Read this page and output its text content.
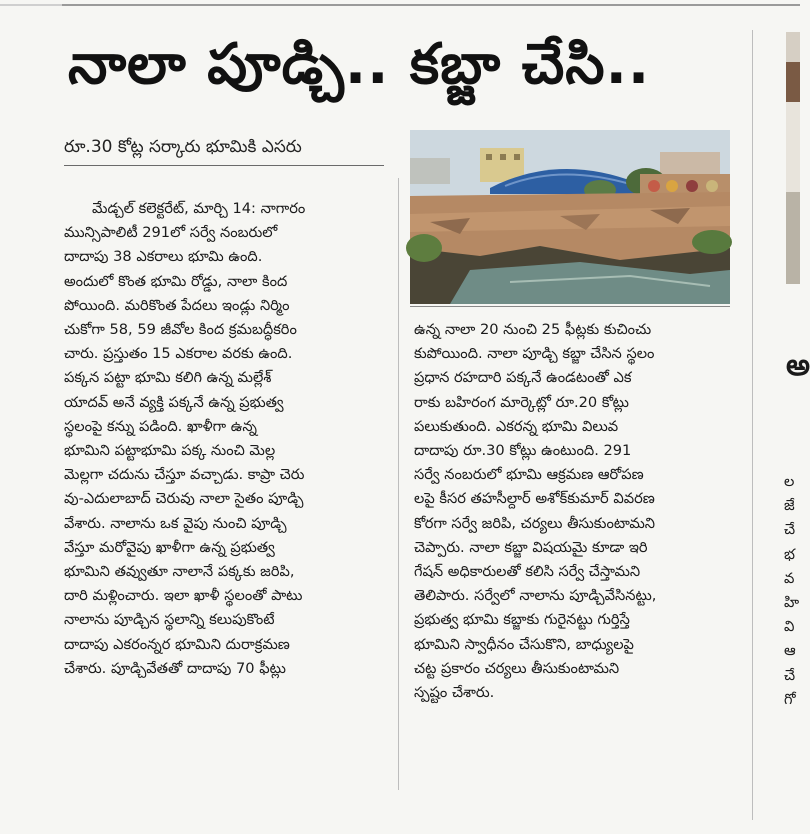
నాలా పూడ్చి.. కబ్జా చేసి..
రూ.30 కోట్ల సర్కారు భూమికి ఎసరు
మేడ్చల్ కలెక్టరేట్, మార్చి 14: నాగారం
మున్సిపాలిటీ 291లో సర్వే నంబరులో
దాదాపు 38 ఎకరాలు భూమి ఉంది.
అందులో కొంత భూమి రోడ్డు, నాలా కింద
పోయింది. మరికొంత పేదలు ఇండ్లు నిర్మిం
చుకోగా 58, 59 జీవోల కింద క్రమబద్ధీకరిం
చారు. ప్రస్తుతం 15 ఎకరాల వరకు ఉంది.
పక్కన పట్టా భూమి కలిగి ఉన్న మల్లేశ్
యాదవ్ అనే వ్యక్తి పక్కనే ఉన్న ప్రభుత్వ
స్థలంపై కన్ను పడింది. ఖాళీగా ఉన్న
భూమిని పట్టాభూమి పక్క నుంచి మెల్ల
మెల్లగా చదును చేస్తూ వచ్చాడు. కాప్రా చెరు
వు-ఎదులాబాద్ చెరువు నాలా సైతం పూడ్చి
వేశారు. నాలాను ఒక వైపు నుంచి పూడ్చి
వేస్తూ మరోవైపు ఖాళీగా ఉన్న ప్రభుత్వ
భూమిని తవ్వుతూ నాలానే పక్కకు జరిపి,
దారి మళ్లించారు. ఇలా ఖాళీ స్థలంతో పాటు
నాలాను పూడ్చిన స్థలాన్ని కలుపుకొంటే
దాదాపు ఎకరంన్నర భూమిని దురాక్రమణ
చేశారు. పూడ్చివేతతో దాదాపు 70 ఫీట్లు
ఉన్న నాలా 20 నుంచి 25 ఫీట్లకు కుచించు
కుపోయింది. నాలా పూడ్చి కబ్జా చేసిన స్థలం
ప్రధాన రహదారి పక్కనే ఉండటంతో ఎక
రాకు బహిరంగ మార్కెట్లో రూ.20 కోట్లు
పలుకుతుంది. ఎకరన్న భూమి విలువ
దాదాపు రూ.30 కోట్లు ఉంటుంది. 291
సర్వే నంబరులో భూమి ఆక్రమణ ఆరోపణ
లపై కీసర తహసీల్దార్ అశోక్‌కుమార్ వివరణ
కోరగా సర్వే జరిపి, చర్యలు తీసుకుంటామని
చెప్పారు. నాలా కబ్జా విషయమై కూడా ఇరి
గేషన్ అధికారులతో కలిసి సర్వే చేస్తామని
తెలిపారు. సర్వేలో నాలాను పూడ్చివేసినట్టు,
ప్రభుత్వ భూమి కబ్జాకు గురైనట్టు గుర్తిస్తే
భూమిని స్వాధీనం చేసుకొని, బాధ్యులపై
చట్ట ప్రకారం చర్యలు తీసుకుంటామని
స్పష్టం చేశారు.
అ
ల
జే
చే
భ
వ
హి
వి
ఆ
చే
గో
